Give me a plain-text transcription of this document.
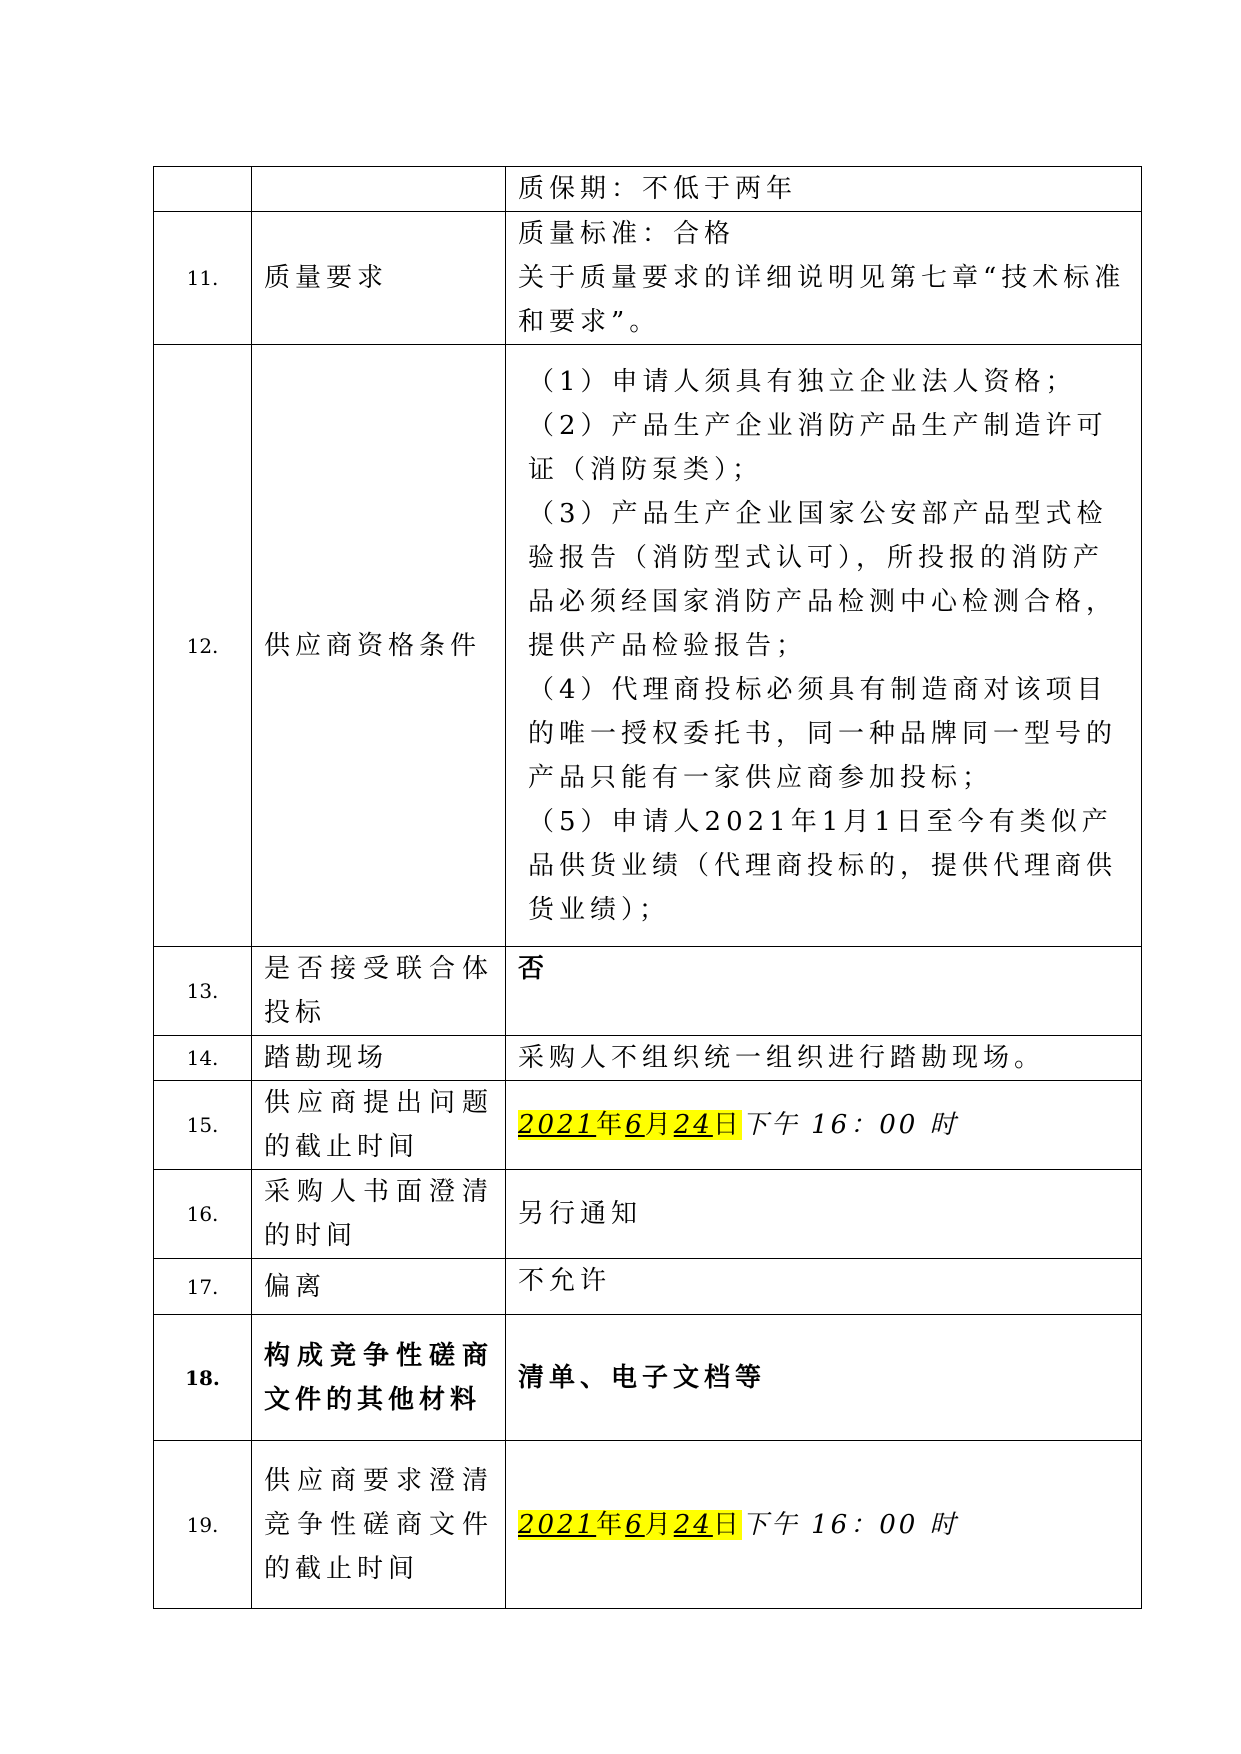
		质保期：不低于两年

11.	质量要求	质量标准：合格

关于质量要求的详细说明见第七章“技术标准和要求”。

12.	供应商资格条件	（1）申请人须具有独立企业法人资格；

（2）产品生产企业消防产品生产制造许可证（消防泵类）；

（3）产品生产企业国家公安部产品型式检验报告（消防型式认可），所投报的消防产品必须经国家消防产品检测中心检测合格，提供产品检验报告；

（4）代理商投标必须具有制造商对该项目的唯一授权委托书，同一种品牌同一型号的产品只能有一家供应商参加投标；

（5）申请人2021年1月1日至今有类似产品供货业绩（代理商投标的，提供代理商供货业绩）；

13.	是否接受联合体投标	否

14.	踏勘现场	采购人不组织统一组织进行踏勘现场。

15.	供应商提出问题的截止时间	2021年6月24日下午 16：00 时
16.	采购人书面澄清的时间	另行通知

17.	偏离	不允许

18.	构成竞争性磋商文件的其他材料	清单、电子文档等

19.	供应商要求澄清竞争性磋商文件的截止时间	2021年6月24日下午 16：00 时
